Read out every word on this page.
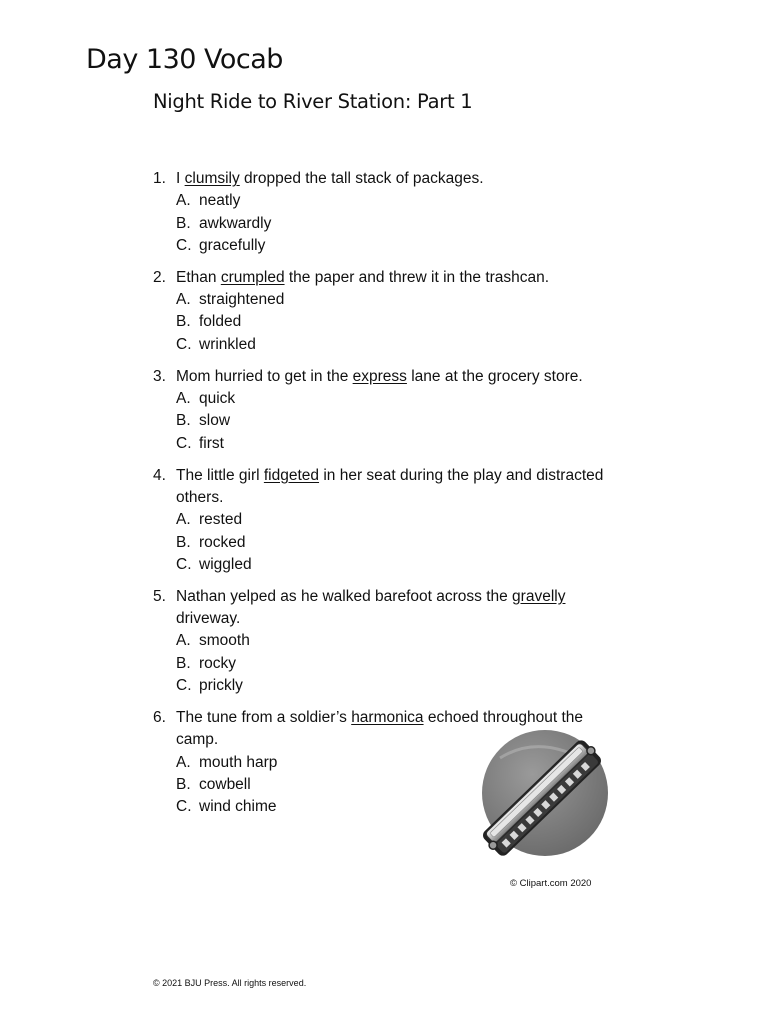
Day 130 Vocab
Night Ride to River Station: Part 1
1. I clumsily dropped the tall stack of packages.
A. neatly
B. awkwardly
C. gracefully
2. Ethan crumpled the paper and threw it in the trashcan.
A. straightened
B. folded
C. wrinkled
3. Mom hurried to get in the express lane at the grocery store.
A. quick
B. slow
C. first
4. The little girl fidgeted in her seat during the play and distracted others.
A. rested
B. rocked
C. wiggled
5. Nathan yelped as he walked barefoot across the gravelly driveway.
A. smooth
B. rocky
C. prickly
6. The tune from a soldier’s harmonica echoed throughout the camp.
A. mouth harp
B. cowbell
C. wind chime
© Clipart.com 2020
© 2021 BJU Press. All rights reserved.
